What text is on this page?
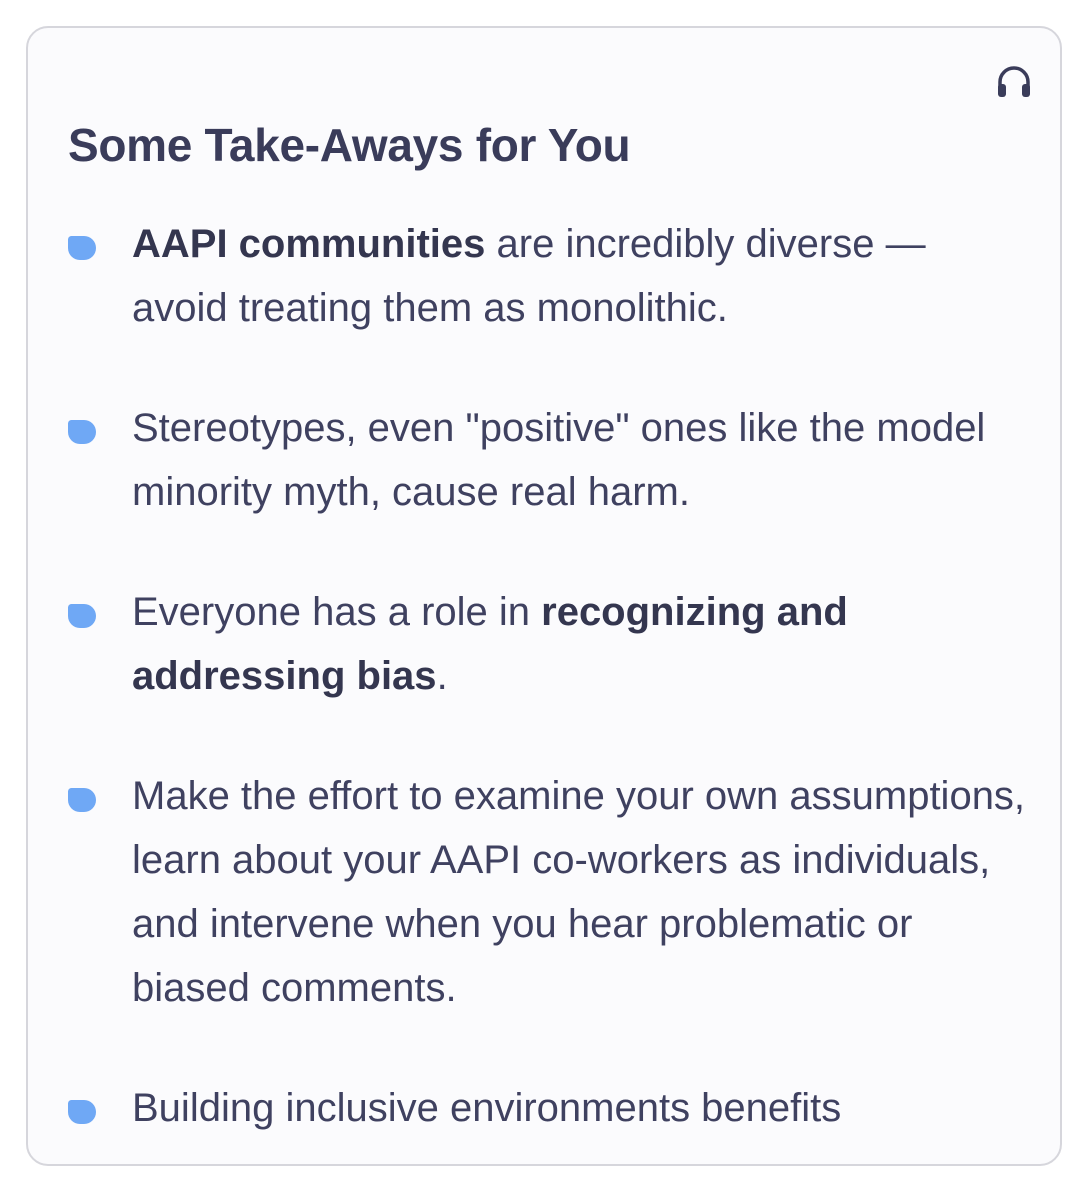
Some Take-Aways for You
AAPI communities are incredibly diverse — avoid treating them as monolithic.
Stereotypes, even "positive" ones like the model minority myth, cause real harm.
Everyone has a role in recognizing and addressing bias.
Make the effort to examine your own assumptions, learn about your AAPI co-workers as individuals, and intervene when you hear problematic or biased comments.
Building inclusive environments benefits
